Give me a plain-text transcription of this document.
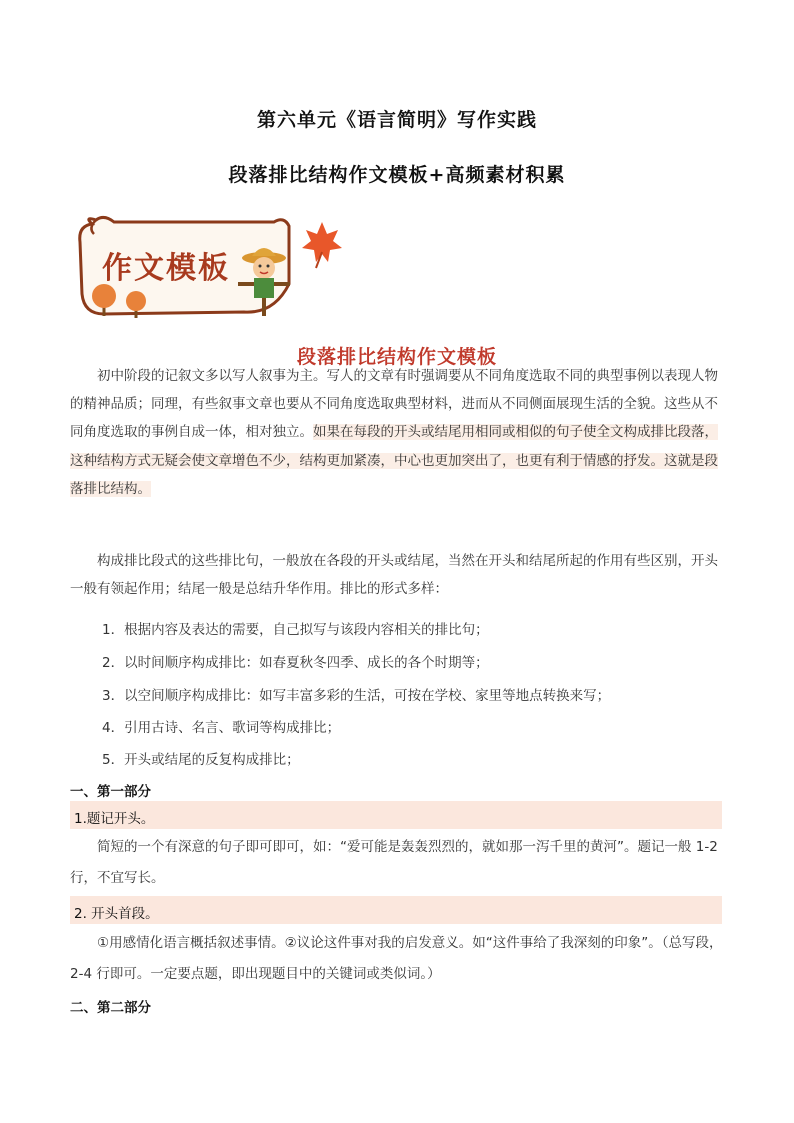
第六单元《语言简明》写作实践
段落排比结构作文模板+高频素材积累
作文模板
段落排比结构作文模板

初中阶段的记叙文多以写人叙事为主。写人的文章有时强调要从不同角度选取不同的典型事例以表现人物的精神品质；同理，有些叙事文章也要从不同角度选取典型材料，进而从不同侧面展现生活的全貌。这些从不同角度选取的事例自成一体，相对独立。如果在每段的开头或结尾用相同或相似的句子使全文构成排比段落，这种结构方式无疑会使文章增色不少，结构更加紧凑，中心也更加突出了，也更有利于情感的抒发。这就是段落排比结构。

构成排比段式的这些排比句，一般放在各段的开头或结尾，当然在开头和结尾所起的作用有些区别，开头一般有领起作用；结尾一般是总结升华作用。排比的形式多样：

1．根据内容及表达的需要，自己拟写与该段内容相关的排比句；
2．以时间顺序构成排比：如春夏秋冬四季、成长的各个时期等；
3．以空间顺序构成排比：如写丰富多彩的生活，可按在学校、家里等地点转换来写；
4．引用古诗、名言、歌词等构成排比；
5．开头或结尾的反复构成排比；
一、第一部分
1.题记开头。

简短的一个有深意的句子即可即可，如：“爱可能是轰轰烈烈的，就如那一泻千里的黄河”。题记一般 1-2 行，不宜写长。

2. 开头首段。

①用感情化语言概括叙述事情。②议论这件事对我的启发意义。如“这件事给了我深刻的印象”。（总写段，2-4 行即可。一定要点题，即出现题目中的关键词或类似词。）

二、第二部分
